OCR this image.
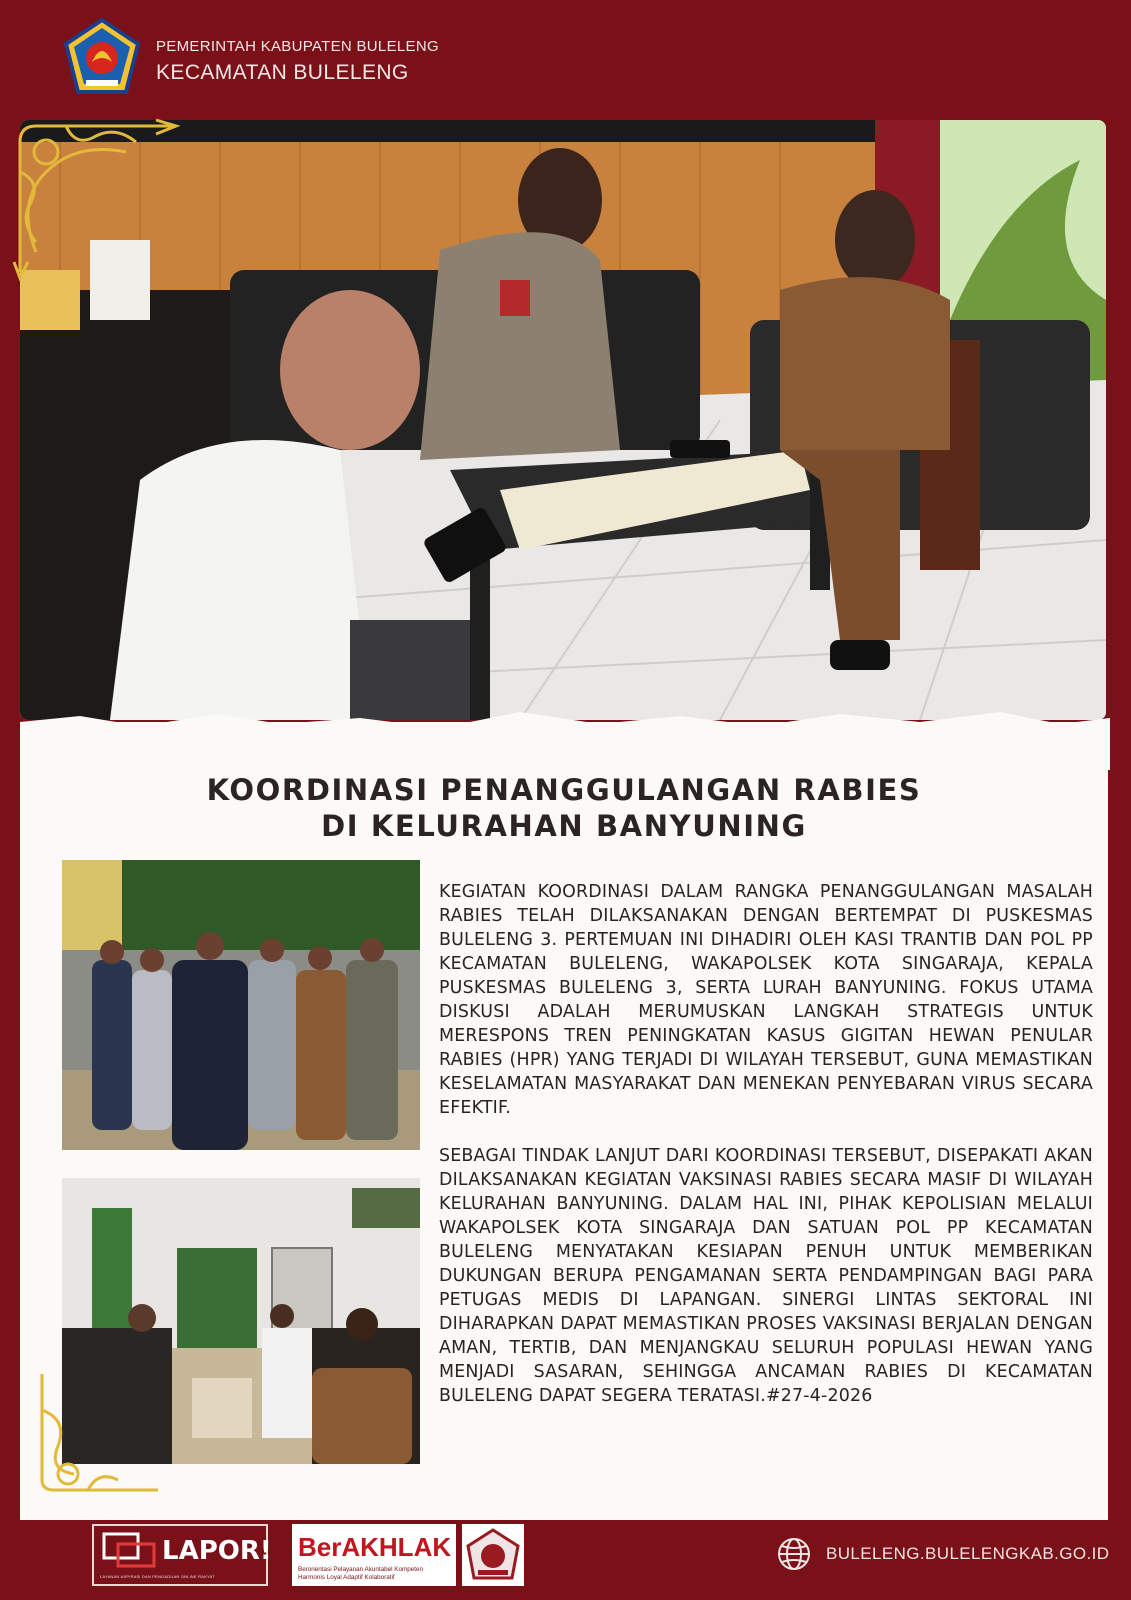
PEMERINTAH KABUPATEN BULELENG
KECAMATAN BULELENG
KOORDINASI PENANGGULANGAN RABIES
DI KELURAHAN BANYUNING

KEGIATAN KOORDINASI DALAM RANGKA PENANGGULANGAN MASALAH RABIES TELAH DILAKSANAKAN DENGAN BERTEMPAT DI PUSKESMAS BULELENG 3. PERTEMUAN INI DIHADIRI OLEH KASI TRANTIB DAN POL PP KECAMATAN BULELENG, WAKAPOLSEK KOTA SINGARAJA, KEPALA PUSKESMAS BULELENG 3, SERTA LURAH BANYUNING. FOKUS UTAMA DISKUSI ADALAH MERUMUSKAN LANGKAH STRATEGIS UNTUK MERESPONS TREN PENINGKATAN KASUS GIGITAN HEWAN PENULAR RABIES (HPR) YANG TERJADI DI WILAYAH TERSEBUT, GUNA MEMASTIKAN KESELAMATAN MASYARAKAT DAN MENEKAN PENYEBARAN VIRUS SECARA EFEKTIF.

SEBAGAI TINDAK LANJUT DARI KOORDINASI TERSEBUT, DISEPAKATI AKAN DILAKSANAKAN KEGIATAN VAKSINASI RABIES SECARA MASIF DI WILAYAH KELURAHAN BANYUNING. DALAM HAL INI, PIHAK KEPOLISIAN MELALUI WAKAPOLSEK KOTA SINGARAJA DAN SATUAN POL PP KECAMATAN BULELENG MENYATAKAN KESIAPAN PENUH UNTUK MEMBERIKAN DUKUNGAN BERUPA PENGAMANAN SERTA PENDAMPINGAN BAGI PARA PETUGAS MEDIS DI LAPANGAN. SINERGI LINTAS SEKTORAL INI DIHARAPKAN DAPAT MEMASTIKAN PROSES VAKSINASI BERJALAN DENGAN AMAN, TERTIB, DAN MENJANGKAU SELURUH POPULASI HEWAN YANG MENJADI SASARAN, SEHINGGA ANCAMAN RABIES DI KECAMATAN BULELENG DAPAT SEGERA TERATASI.#27-4-2026

LAPOR!
LAYANAN ASPIRASI DAN PENGADUAN ONLINE RAKYAT
BerAKHLAK
Berorientasi Pelayanan Akuntabel Kompeten Harmonis Loyal Adaptif Kolaboratif
BULELENG.BULELENGKAB.GO.ID
